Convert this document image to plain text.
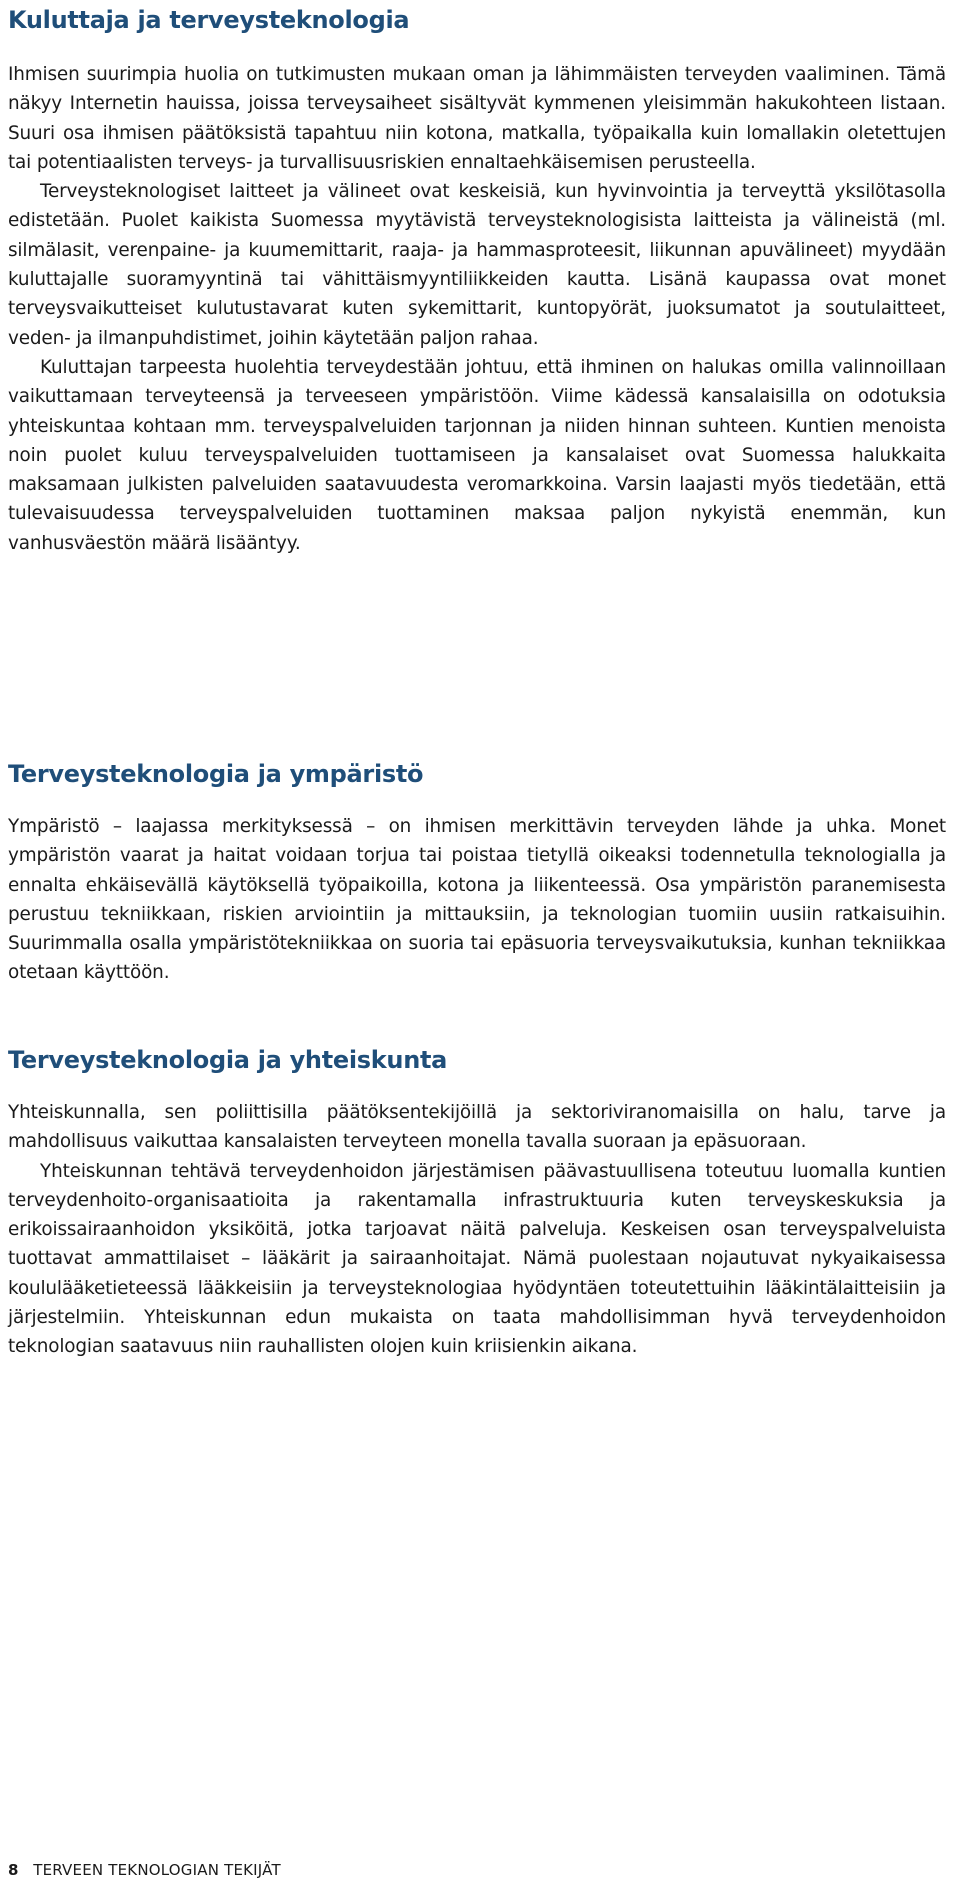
Kuluttaja ja terveysteknologia

Ihmisen suurimpia huolia on tutkimusten mukaan oman ja lähimmäisten terveyden vaaliminen. Tämä näkyy Internetin hauissa, joissa terveysaiheet sisältyvät kymmenen yleisimmän hakukohteen listaan. Suuri osa ihmisen päätöksistä tapahtuu niin kotona, matkalla, työpaikalla kuin lomallakin oletettujen tai potentiaalisten terveys- ja turvallisuusriskien ennaltaehkäisemisen perusteella.

Terveysteknologiset laitteet ja välineet ovat keskeisiä, kun hyvinvointia ja terveyttä yksilötasolla edistetään. Puolet kaikista Suomessa myytävistä terveysteknologisista laitteista ja välineistä (ml. silmälasit, verenpaine- ja kuumemittarit, raaja- ja hammasproteesit, liikunnan apuvälineet) myydään kuluttajalle suoramyyntinä tai vähittäismyyntiliikkeiden kautta. Lisänä kaupassa ovat monet terveysvaikutteiset kulutustavarat kuten sykemittarit, kuntopyörät, juoksumatot ja soutulaitteet, veden- ja ilmanpuhdistimet, joihin käytetään paljon rahaa.

Kuluttajan tarpeesta huolehtia terveydestään johtuu, että ihminen on halukas omilla valinnoillaan vaikuttamaan terveyteensä ja terveeseen ympäristöön. Viime kädessä kansalaisilla on odotuksia yhteiskuntaa kohtaan mm. terveyspalveluiden tarjonnan ja niiden hinnan suhteen. Kuntien menoista noin puolet kuluu terveyspalveluiden tuottamiseen ja kansalaiset ovat Suomessa halukkaita maksamaan julkisten palveluiden saatavuudesta veromarkkoina. Varsin laajasti myös tiedetään, että tulevaisuudessa terveyspalveluiden tuottaminen maksaa paljon nykyistä enemmän, kun vanhusväestön määrä lisääntyy.

Terveysteknologia ja ympäristö

Ympäristö – laajassa merkityksessä – on ihmisen merkittävin terveyden lähde ja uhka. Monet ympäristön vaarat ja haitat voidaan torjua tai poistaa tietyllä oikeaksi todennetulla teknologialla ja ennalta ehkäisevällä käytöksellä työpaikoilla, kotona ja liikenteessä. Osa ympäristön paranemisesta perustuu tekniikkaan, riskien arviointiin ja mittauksiin, ja teknologian tuomiin uusiin ratkaisuihin. Suurimmalla osalla ympäristötekniikkaa on suoria tai epäsuoria terveysvaikutuksia, kunhan tekniikkaa otetaan käyttöön.

Terveysteknologia ja yhteiskunta

Yhteiskunnalla, sen poliittisilla päätöksentekijöillä ja sektoriviranomaisilla on halu, tarve ja mahdollisuus vaikuttaa kansalaisten terveyteen monella tavalla suoraan ja epäsuoraan.

Yhteiskunnan tehtävä terveydenhoidon järjestämisen päävastuullisena toteutuu luomalla kuntien terveydenhoito-organisaatioita ja rakentamalla infrastruktuuria kuten terveyskeskuksia ja erikoissairaanhoidon yksiköitä, jotka tarjoavat näitä palveluja. Keskeisen osan terveyspalveluista tuottavat ammattilaiset – lääkärit ja sairaanhoitajat. Nämä puolestaan nojautuvat nykyaikaisessa koululääketieteessä lääkkeisiin ja terveysteknologiaa hyödyntäen toteutettuihin lääkintälaitteisiin ja järjestelmiin. Yhteiskunnan edun mukaista on taata mahdollisimman hyvä terveydenhoidon teknologian saatavuus niin rauhallisten olojen kuin kriisienkin aikana.

8 TERVEEN TEKNOLOGIAN TEKIJÄT
